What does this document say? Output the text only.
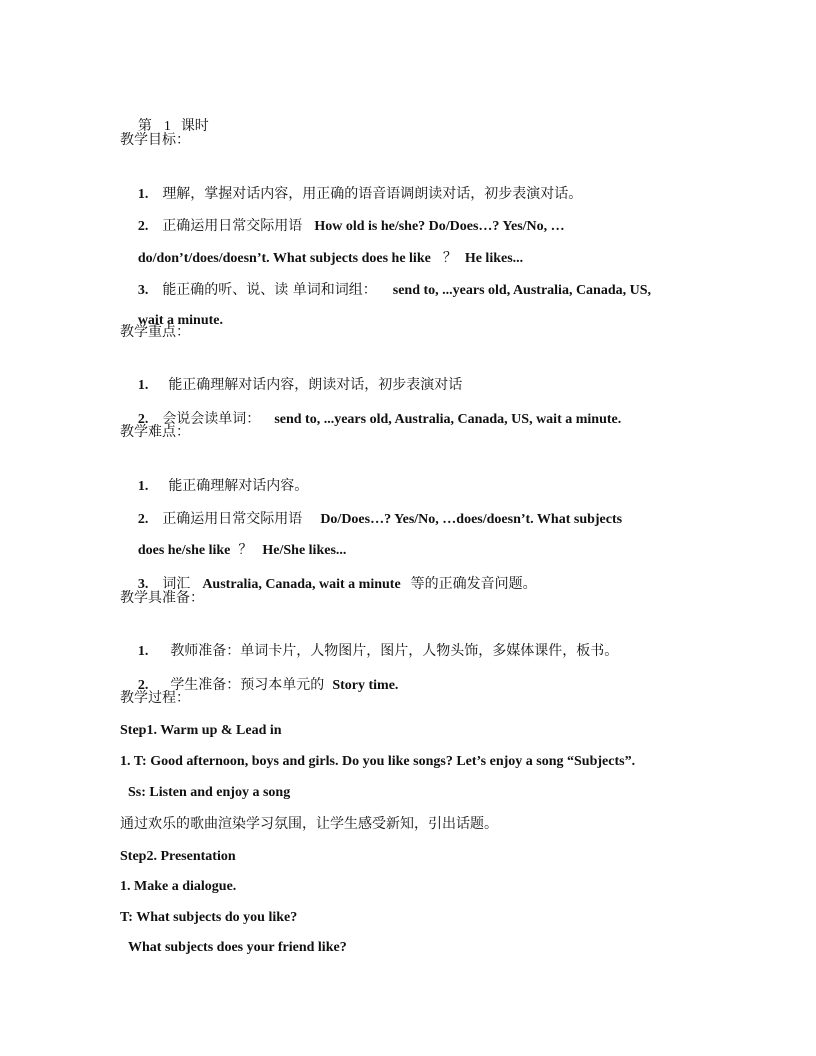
第 1 课时

教学目标：

1. 理解，掌握对话内容，用正确的语音语调朗读对话，初步表演对话。

2. 正确运用日常交际用语 How old is he/she? Do/Does…? Yes/No, …

do/don’t/does/doesn’t. What subjects does he like ？ He likes...

3. 能正确的听、说、读 单词和词组： send to, ...years old, Australia, Canada, US,

wait a minute.

教学重点：

1. 能正确理解对话内容，朗读对话，初步表演对话

2. 会说会读单词： send to, ...years old, Australia, Canada, US, wait a minute.

教学难点：

1. 能正确理解对话内容。

2. 正确运用日常交际用语 Do/Does…? Yes/No, …does/doesn’t. What subjects

does he/she like ？ He/She likes...

3. 词汇 Australia, Canada, wait a minute 等的正确发音问题。

教学具准备：

1. 教师准备：单词卡片，人物图片，图片，人物头饰，多媒体课件，板书。

2. 学生准备：预习本单元的 Story time.

教学过程：
Step1. Warm up & Lead in
1. T: Good afternoon, boys and girls. Do you like songs? Let’s enjoy a song “Subjects”.
Ss: Listen and enjoy a song
通过欢乐的歌曲渲染学习氛围，让学生感受新知，引出话题。
Step2. Presentation
1. Make a dialogue.
T: What subjects do you like?
What subjects does your friend like?
